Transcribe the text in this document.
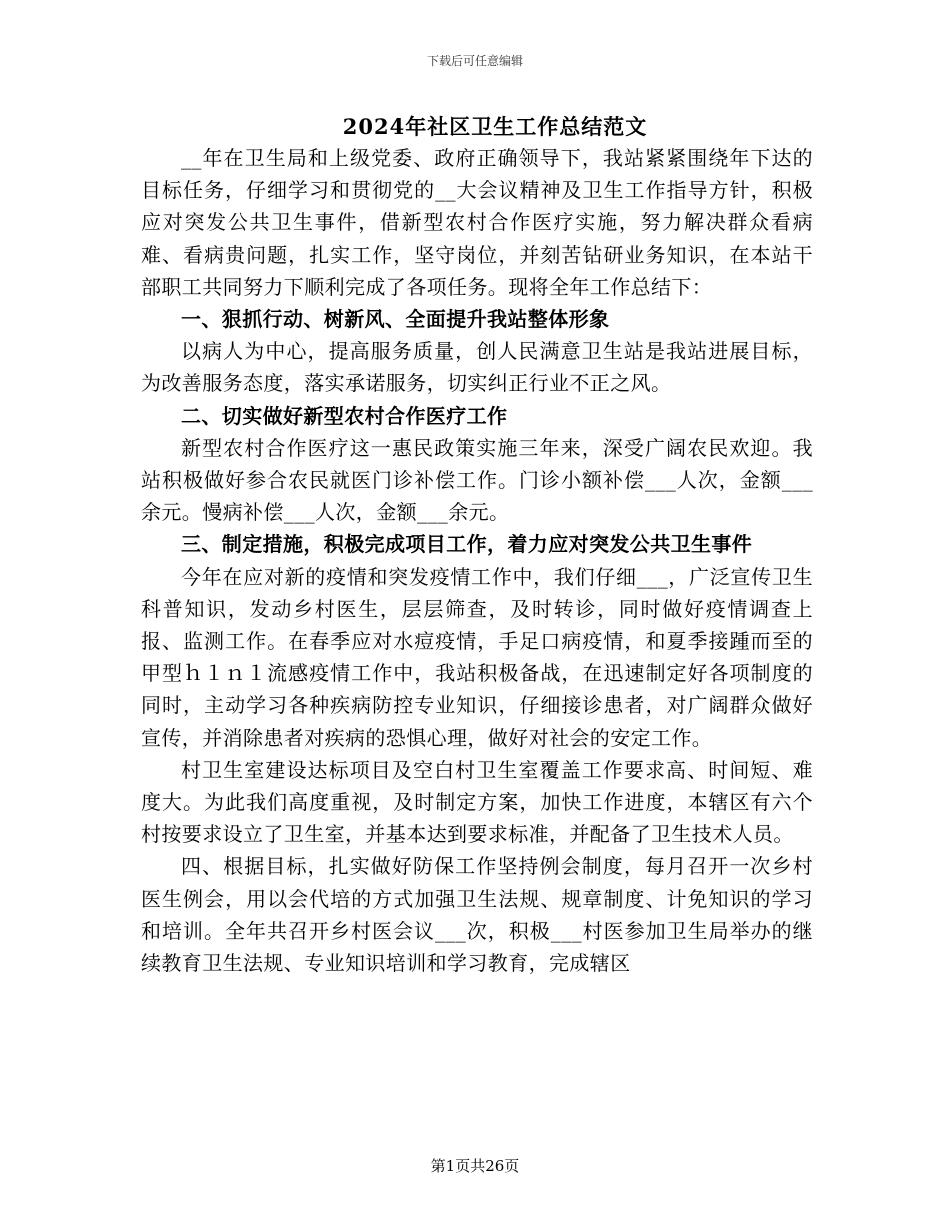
下载后可任意编辑
2024年社区卫生工作总结范文

__年在卫生局和上级党委、政府正确领导下，我站紧紧围绕年下达的目标任务，仔细学习和贯彻党的__大会议精神及卫生工作指导方针，积极应对突发公共卫生事件，借新型农村合作医疗实施，努力解决群众看病难、看病贵问题，扎实工作，坚守岗位，并刻苦钻研业务知识，在本站干部职工共同努力下顺利完成了各项任务。现将全年工作总结下：

一、狠抓行动、树新风、全面提升我站整体形象

以病人为中心，提高服务质量，创人民满意卫生站是我站进展目标，为改善服务态度，落实承诺服务，切实纠正行业不正之风。

二、切实做好新型农村合作医疗工作

新型农村合作医疗这一惠民政策实施三年来，深受广阔农民欢迎。我站积极做好参合农民就医门诊补偿工作。门诊小额补偿___人次，金额___余元。慢病补偿___人次，金额___余元。

三、制定措施，积极完成项目工作，着力应对突发公共卫生事件

今年在应对新的疫情和突发疫情工作中，我们仔细___，广泛宣传卫生科普知识，发动乡村医生，层层筛查，及时转诊，同时做好疫情调查上报、监测工作。在春季应对水痘疫情，手足口病疫情，和夏季接踵而至的甲型ｈ１ｎ１流感疫情工作中，我站积极备战，在迅速制定好各项制度的同时，主动学习各种疾病防控专业知识，仔细接诊患者，对广阔群众做好宣传，并消除患者对疾病的恐惧心理，做好对社会的安定工作。

村卫生室建设达标项目及空白村卫生室覆盖工作要求高、时间短、难度大。为此我们高度重视，及时制定方案，加快工作进度，本辖区有六个村按要求设立了卫生室，并基本达到要求标准，并配备了卫生技术人员。

四、根据目标，扎实做好防保工作坚持例会制度，每月召开一次乡村医生例会，用以会代培的方式加强卫生法规、规章制度、计免知识的学习和培训。全年共召开乡村医会议___次，积极___村医参加卫生局举办的继续教育卫生法规、专业知识培训和学习教育，完成辖区

第1页共26页
